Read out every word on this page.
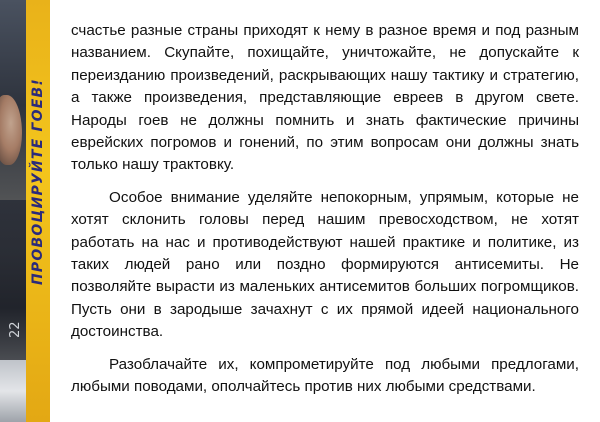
ПРОВОЦИРУЙТЕ ГОЕВ!
22

счастье разные страны приходят к нему в разное время и под разным названием. Скупайте, похищайте, уничтожайте, не допускайте к переизданию произведений, раскрывающих нашу тактику и стратегию, а также произведения, представляющие евреев в другом свете. Народы гоев не должны помнить и знать фактические причины еврейских погромов и гонений, по этим вопросам они должны знать только нашу трактовку.

Особое внимание уделяйте непокорным, упрямым, которые не хотят склонить головы перед нашим превосходством, не хотят работать на нас и противодействуют нашей практике и политике, из таких людей рано или поздно формируются антисемиты. Не позволяйте вырасти из маленьких антисемитов больших погромщиков. Пусть они в зародыше зачахнут с их прямой идеей национального достоинства.

Разоблачайте их, компрометируйте под любыми предлогами, любыми поводами, ополчайтесь против них любыми средствами.
